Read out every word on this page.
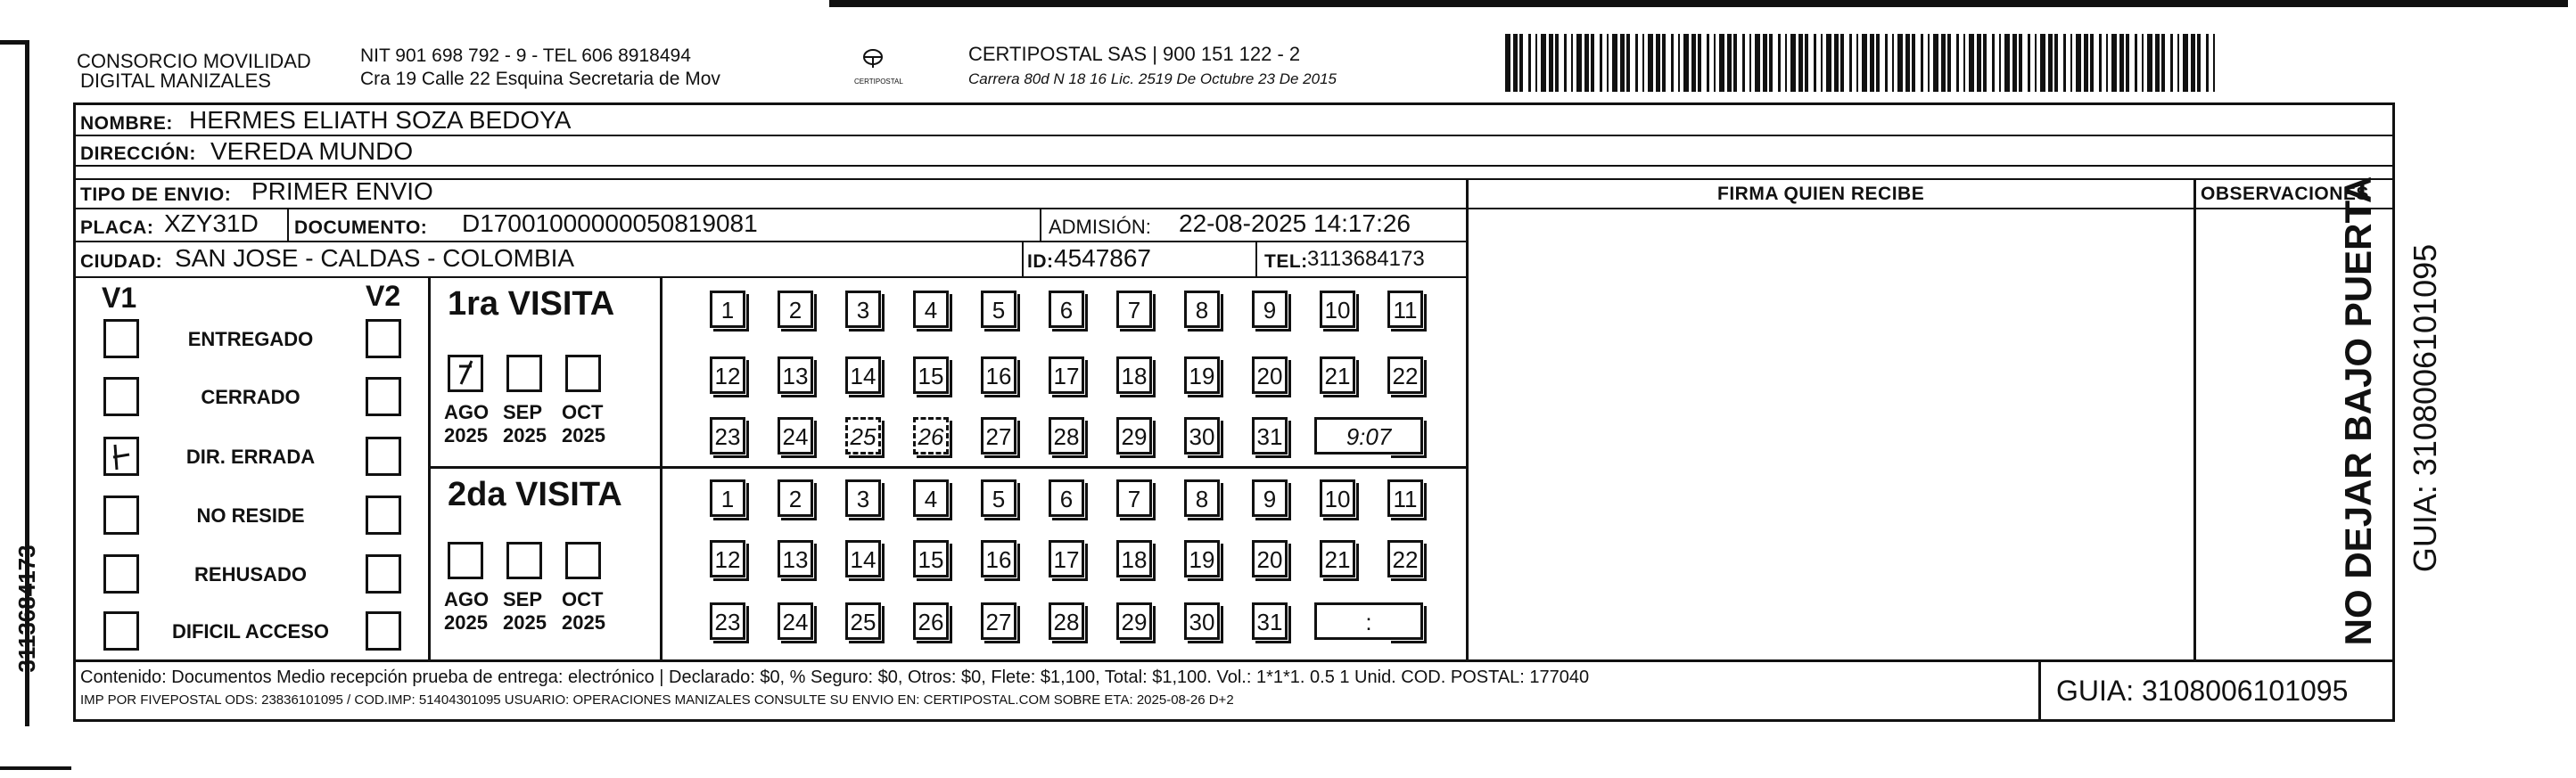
3113684173
CONSORCIO MOVILIDAD
DIGITAL MANIZALES
NIT 901 698 792 - 9 - TEL 606 8918494
Cra 19 Calle 22 Esquina Secretaria de Mov	CERTIPOSTAL
CERTIPOSTAL SAS | 900 151 122 - 2
Carrera 80d N 18 16 Lic. 2519 De Octubre 23 De 2015
NOMBRE: HERMES ELIATH SOZA BEDOYA
DIRECCIÓN: VEREDA MUNDO
TIPO DE ENVIO: PRIMER ENVIO	FIRMA QUIEN RECIBE	OBSERVACIONES
PLACA: XZY31D DOCUMENTO: D17001000000050819081	ADMISIÓN: 22-08-2025 14:17:26
CIUDAD: SAN JOSE - CALDAS - COLOMBIA	ID: 4547867	TEL: 3113684173
V1	V2
ENTREGADO
CERRADO
DIR. ERRADA
NO RESIDE
REHUSADO
DIFICIL ACCESO
1ra VISITA
AGO
2025
SEP
2025
OCT
2025
1	2	3	4	5	6	7	8	9	10 11
12 13 14 15 16 17 18 19 20 21 22
23 24 25 26 27 28 29 30 31	9:07
2da VISITA
AGO
2025
SEP
2025
OCT
2025
1	2	3	4	5	6	7	8	9	10 11
12 13 14 15 16 17 18 19 20 21 22
23 24 25 26 27 28 29 30 31	:
Contenido: Documentos Medio recepción prueba de entrega: electrónico | Declarado: $0, % Seguro: $0, Otros: $0, Flete: $1,100, Total: $1,100. Vol.: 1*1*1. 0.5 1 Unid. COD. POSTAL: 177040
IMP POR FIVEPOSTAL ODS: 23836101095 / COD.IMP: 51404301095 USUARIO: OPERACIONES MANIZALES CONSULTE SU ENVIO EN: CERTIPOSTAL.COM SOBRE ETA: 2025-08-26 D+2	GUIA: 3108006101095
NO DEJAR BAJO PUERTA GUIA: 3108006101095
